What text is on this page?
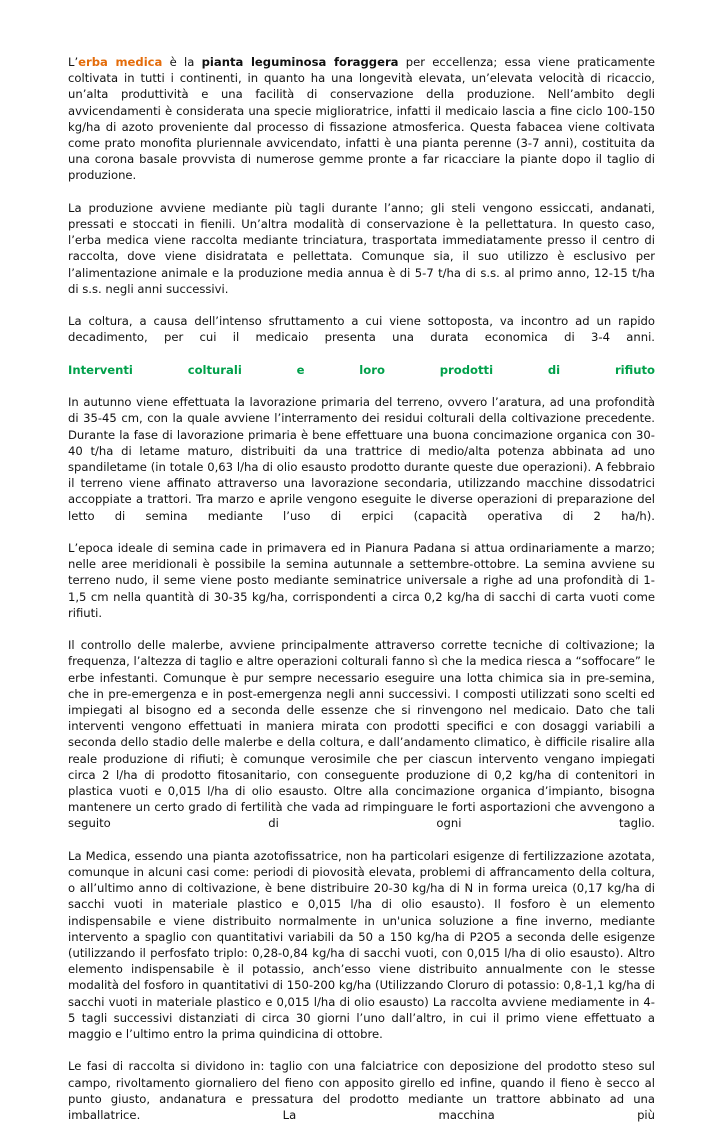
L’erba medica è la pianta leguminosa foraggera per eccellenza; essa viene praticamente coltivata in tutti i continenti, in quanto ha una longevità elevata, un’elevata velocità di ricaccio, un’alta produttività e una facilità di conservazione della produzione. Nell’ambito degli avvicendamenti è considerata una specie miglioratrice, infatti il medicaio lascia a fine ciclo 100-150 kg/ha di azoto proveniente dal processo di fissazione atmosferica. Questa fabacea viene coltivata come prato monofita pluriennale avvicendato, infatti è una pianta perenne (3-7 anni), costituita da una corona basale provvista di numerose gemme pronte a far ricacciare la piante dopo il taglio di produzione.

La produzione avviene mediante più tagli durante l’anno; gli steli vengono essiccati, andanati, pressati e stoccati in fienili. Un’altra modalità di conservazione è la pellettatura. In questo caso, l’erba medica viene raccolta mediante trinciatura, trasportata immediatamente presso il centro di raccolta, dove viene disidratata e pellettata. Comunque sia, il suo utilizzo è esclusivo per l’alimentazione animale e la produzione media annua è di 5-7 t/ha di s.s. al primo anno, 12-15 t/ha di s.s. negli anni successivi.

La coltura, a causa dell’intenso sfruttamento a cui viene sottoposta, va incontro ad un rapido decadimento, per cui il medicaio presenta una durata economica di 3-4 anni.

Interventi colturali e loro prodotti di rifiuto

In autunno viene effettuata la lavorazione primaria del terreno, ovvero l’aratura, ad una profondità di 35-45 cm, con la quale avviene l’interramento dei residui colturali della coltivazione precedente. Durante la fase di lavorazione primaria è bene effettuare una buona concimazione organica con 30-40 t/ha di letame maturo, distribuiti da una trattrice di medio/alta potenza abbinata ad uno spandiletame (in totale 0,63 l/ha di olio esausto prodotto durante queste due operazioni). A febbraio il terreno viene affinato attraverso una lavorazione secondaria, utilizzando macchine dissodatrici accoppiate a trattori. Tra marzo e aprile vengono eseguite le diverse operazioni di preparazione del letto di semina mediante l’uso di erpici (capacità operativa di 2 ha/h).

L’epoca ideale di semina cade in primavera ed in Pianura Padana si attua ordinariamente a marzo; nelle aree meridionali è possibile la semina autunnale a settembre-ottobre. La semina avviene su terreno nudo, il seme viene posto mediante seminatrice universale a righe ad una profondità di 1-1,5 cm nella quantità di 30-35 kg/ha, corrispondenti a circa 0,2 kg/ha di sacchi di carta vuoti come rifiuti.

Il controllo delle malerbe, avviene principalmente attraverso corrette tecniche di coltivazione; la frequenza, l’altezza di taglio e altre operazioni colturali fanno sì che la medica riesca a “soffocare” le erbe infestanti. Comunque è pur sempre necessario eseguire una lotta chimica sia in pre-semina, che in pre-emergenza e in post-emergenza negli anni successivi. I composti utilizzati sono scelti ed impiegati al bisogno ed a seconda delle essenze che si rinvengono nel medicaio. Dato che tali interventi vengono effettuati in maniera mirata con prodotti specifici e con dosaggi variabili a seconda dello stadio delle malerbe e della coltura, e dall’andamento climatico, è difficile risalire alla reale produzione di rifiuti; è comunque verosimile che per ciascun intervento vengano impiegati circa 2 l/ha di prodotto fitosanitario, con conseguente produzione di 0,2 kg/ha di contenitori in plastica vuoti e 0,015 l/ha di olio esausto. Oltre alla concimazione organica d’impianto, bisogna mantenere un certo grado di fertilità che vada ad rimpinguare le forti asportazioni che avvengono a seguito di ogni taglio.

La Medica, essendo una pianta azotofissatrice, non ha particolari esigenze di fertilizzazione azotata, comunque in alcuni casi come: periodi di piovosità elevata, problemi di affrancamento della coltura, o all’ultimo anno di coltivazione, è bene distribuire 20-30 kg/ha di N in forma ureica (0,17 kg/ha di sacchi vuoti in materiale plastico e 0,015 l/ha di olio esausto). Il fosforo è un elemento indispensabile e viene distribuito normalmente in un'unica soluzione a fine inverno, mediante intervento a spaglio con quantitativi variabili da 50 a 150 kg/ha di P2O5 a seconda delle esigenze (utilizzando il perfosfato triplo: 0,28-0,84 kg/ha di sacchi vuoti, con 0,015 l/ha di olio esausto). Altro elemento indispensabile è il potassio, anch’esso viene distribuito annualmente con le stesse modalità del fosforo in quantitativi di 150-200 kg/ha (Utilizzando Cloruro di potassio: 0,8-1,1 kg/ha di sacchi vuoti in materiale plastico e 0,015 l/ha di olio esausto) La raccolta avviene mediamente in 4-5 tagli successivi distanziati di circa 30 giorni l’uno dall’altro, in cui il primo viene effettuato a maggio e l’ultimo entro la prima quindicina di ottobre.

Le fasi di raccolta si dividono in: taglio con una falciatrice con deposizione del prodotto steso sul campo, rivoltamento giornaliero del fieno con apposito girello ed infine, quando il fieno è secco al punto giusto, andanatura e pressatura del prodotto mediante un trattore abbinato ad una imballatrice. La macchina più
